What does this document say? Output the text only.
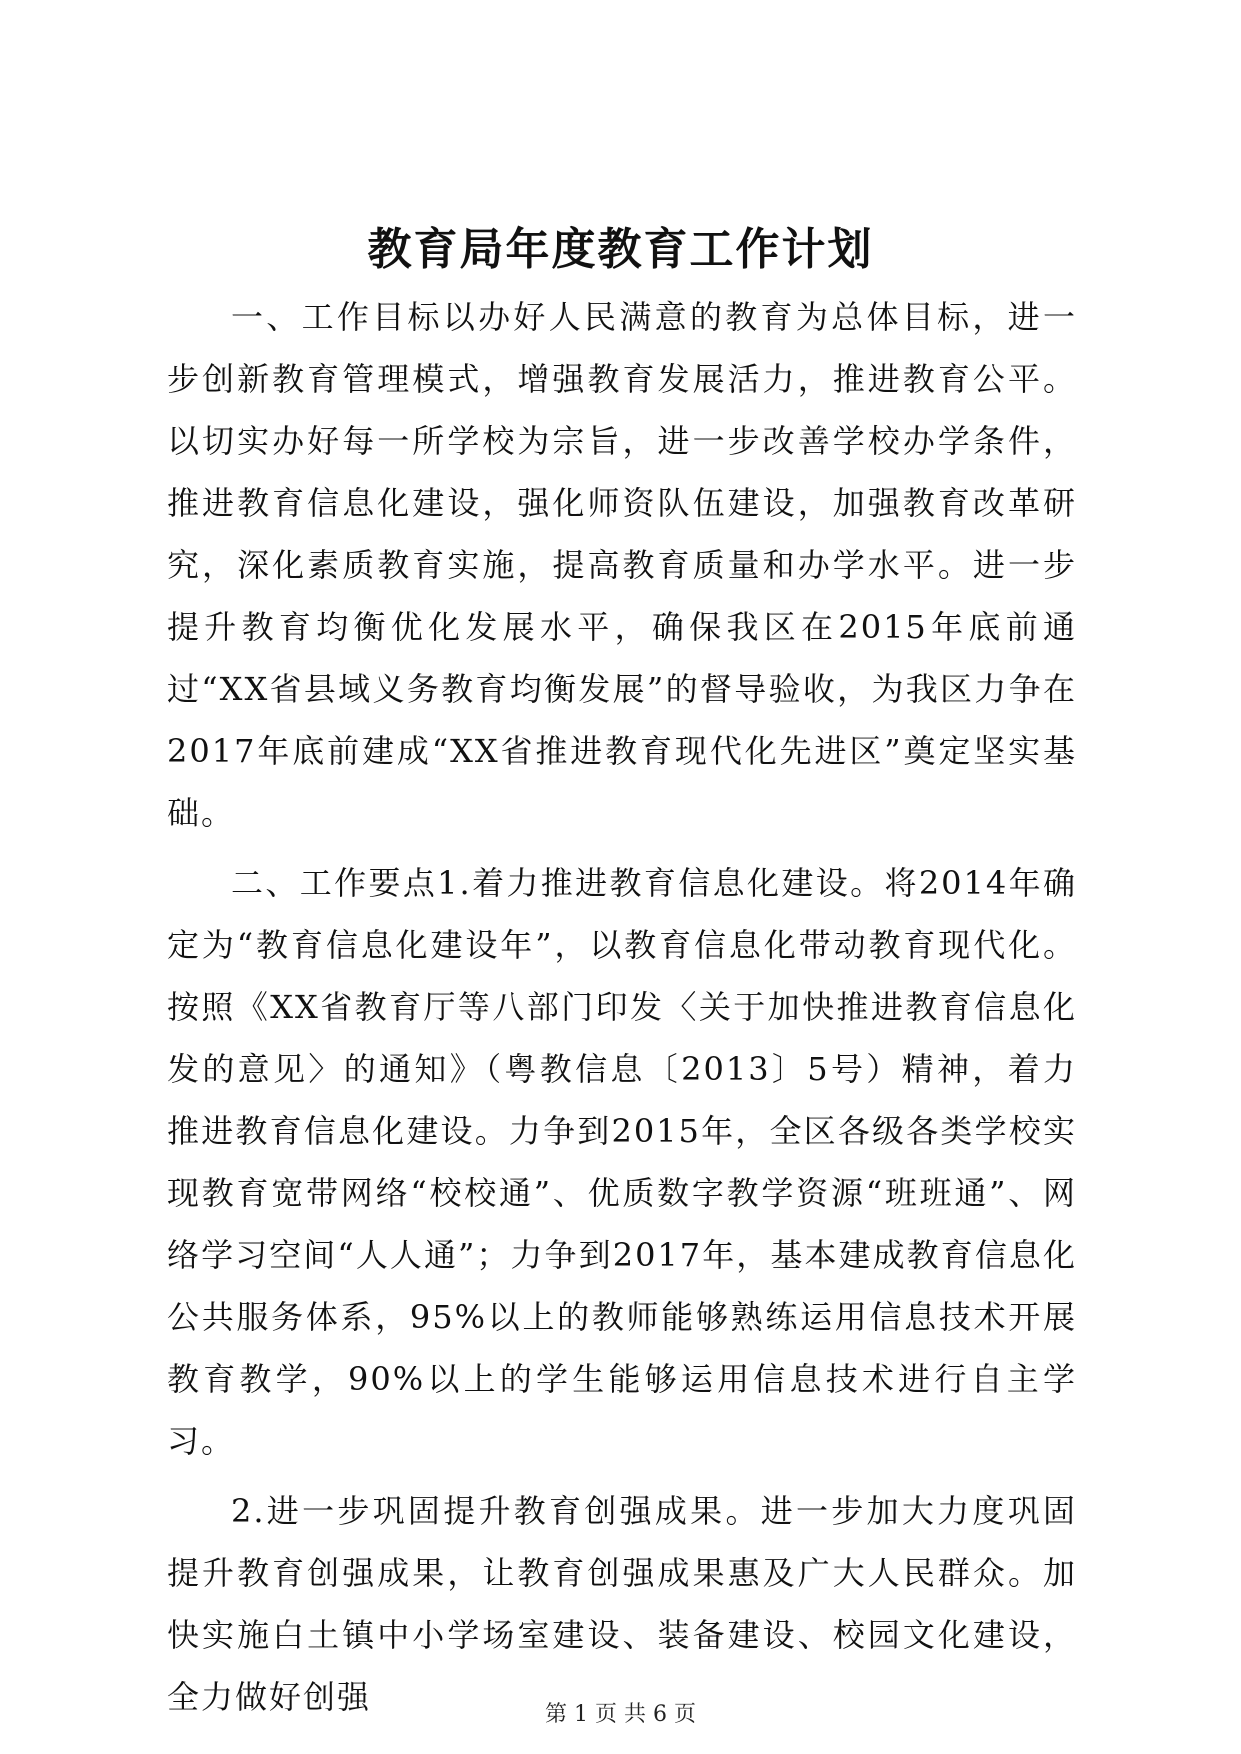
教育局年度教育工作计划

一、工作目标以办好人民满意的教育为总体目标，进一步创新教育管理模式，增强教育发展活力，推进教育公平。以切实办好每一所学校为宗旨，进一步改善学校办学条件，推进教育信息化建设，强化师资队伍建设，加强教育改革研究，深化素质教育实施，提高教育质量和办学水平。进一步提升教育均衡优化发展水平，确保我区在2015年底前通过“XX省县域义务教育均衡发展”的督导验收，为我区力争在2017年底前建成“XX省推进教育现代化先进区”奠定坚实基础。

二、工作要点1.着力推进教育信息化建设。将2014年确定为“教育信息化建设年”，以教育信息化带动教育现代化。按照《XX省教育厅等八部门印发〈关于加快推进教育信息化发的意见〉的通知》（粤教信息〔2013〕5号）精神，着力推进教育信息化建设。力争到2015年，全区各级各类学校实现教育宽带网络“校校通”、优质数字教学资源“班班通”、网络学习空间“人人通”；力争到2017年，基本建成教育信息化公共服务体系，95%以上的教师能够熟练运用信息技术开展教育教学，90%以上的学生能够运用信息技术进行自主学习。

2.进一步巩固提升教育创强成果。进一步加大力度巩固提升教育创强成果，让教育创强成果惠及广大人民群众。加快实施白土镇中小学场室建设、装备建设、校园文化建设，全力做好创强	第 1 页 共 6 页
